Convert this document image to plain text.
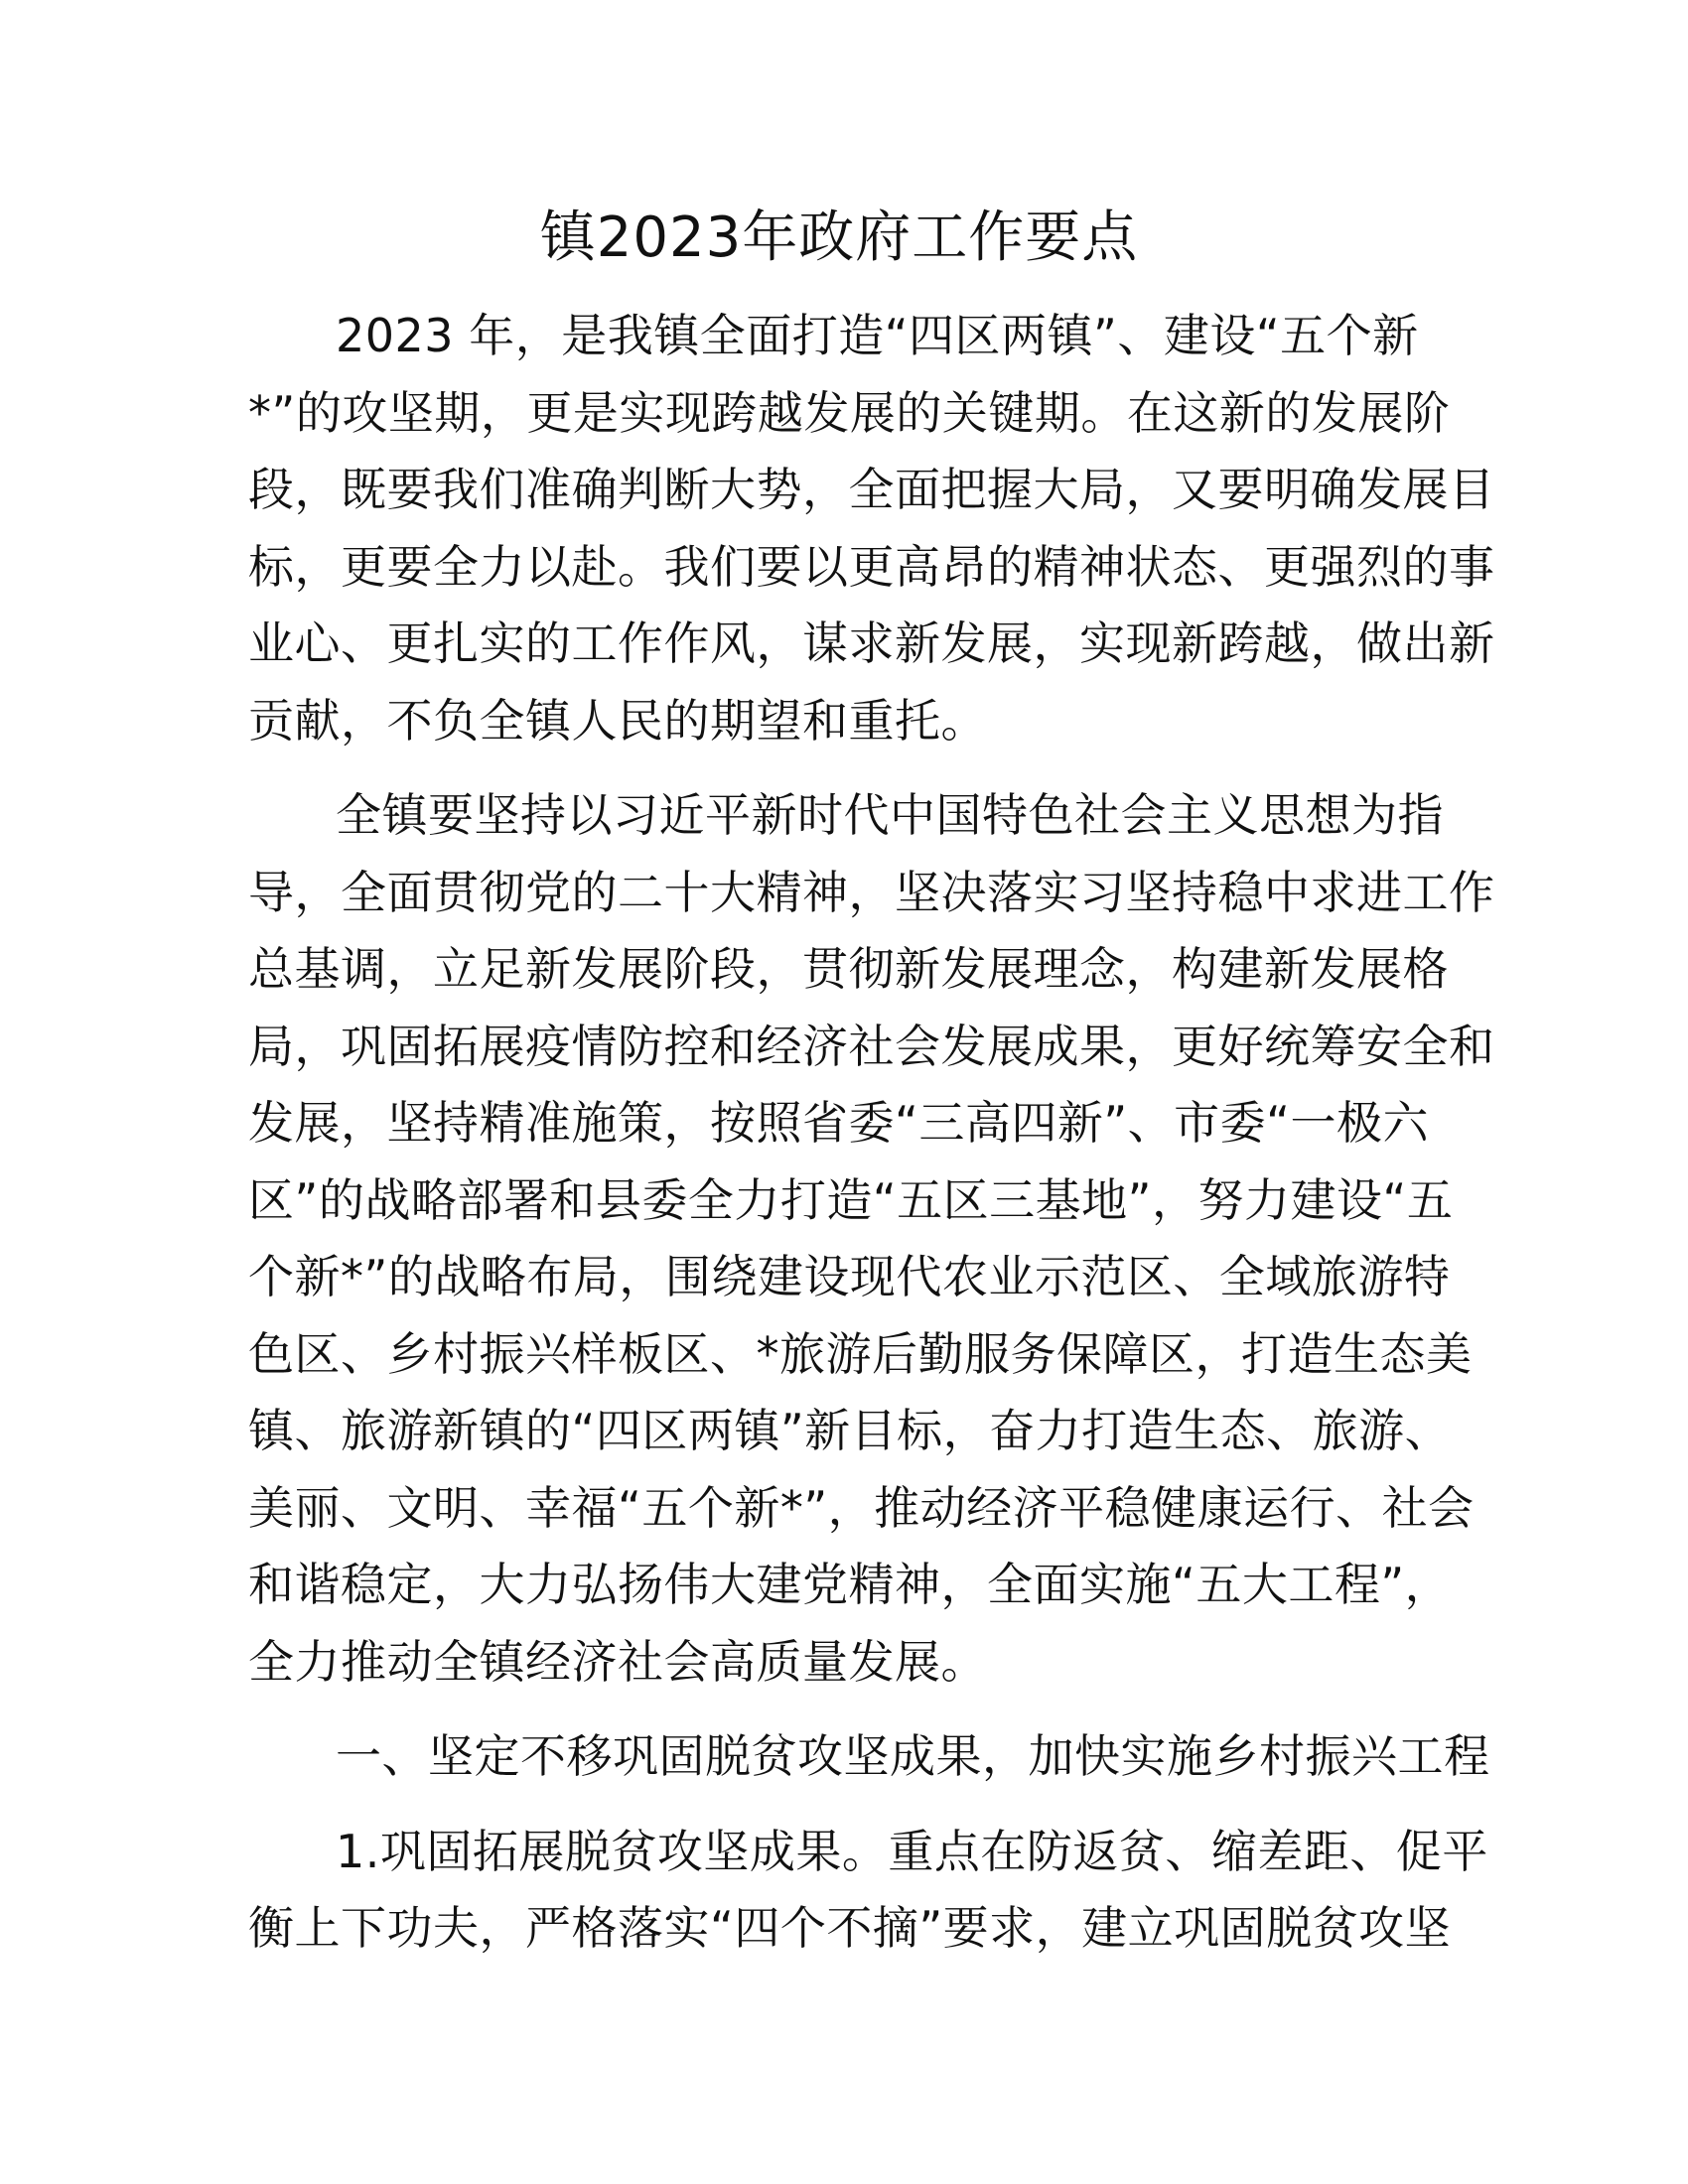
镇2023年政府工作要点

2023 年，是我镇全面打造“四区两镇”、建设“五个新
*”的攻坚期，更是实现跨越发展的关键期。在这新的发展阶
段，既要我们准确判断大势，全面把握大局，又要明确发展目
标，更要全力以赴。我们要以更高昂的精神状态、更强烈的事
业心、更扎实的工作作风，谋求新发展，实现新跨越，做出新
贡献，不负全镇人民的期望和重托。

全镇要坚持以习近平新时代中国特色社会主义思想为指
导，全面贯彻党的二十大精神，坚决落实习坚持稳中求进工作
总基调，立足新发展阶段，贯彻新发展理念，构建新发展格
局，巩固拓展疫情防控和经济社会发展成果，更好统筹安全和
发展，坚持精准施策，按照省委“三高四新”、市委“一极六
区”的战略部署和县委全力打造“五区三基地”，努力建设“五
个新*”的战略布局，围绕建设现代农业示范区、全域旅游特
色区、乡村振兴样板区、*旅游后勤服务保障区，打造生态美
镇、旅游新镇的“四区两镇”新目标，奋力打造生态、旅游、
美丽、文明、幸福“五个新*”，推动经济平稳健康运行、社会
和谐稳定，大力弘扬伟大建党精神，全面实施“五大工程”，
全力推动全镇经济社会高质量发展。

一、坚定不移巩固脱贫攻坚成果，加快实施乡村振兴工程

1.巩固拓展脱贫攻坚成果。重点在防返贫、缩差距、促平
衡上下功夫，严格落实“四个不摘”要求，建立巩固脱贫攻坚
